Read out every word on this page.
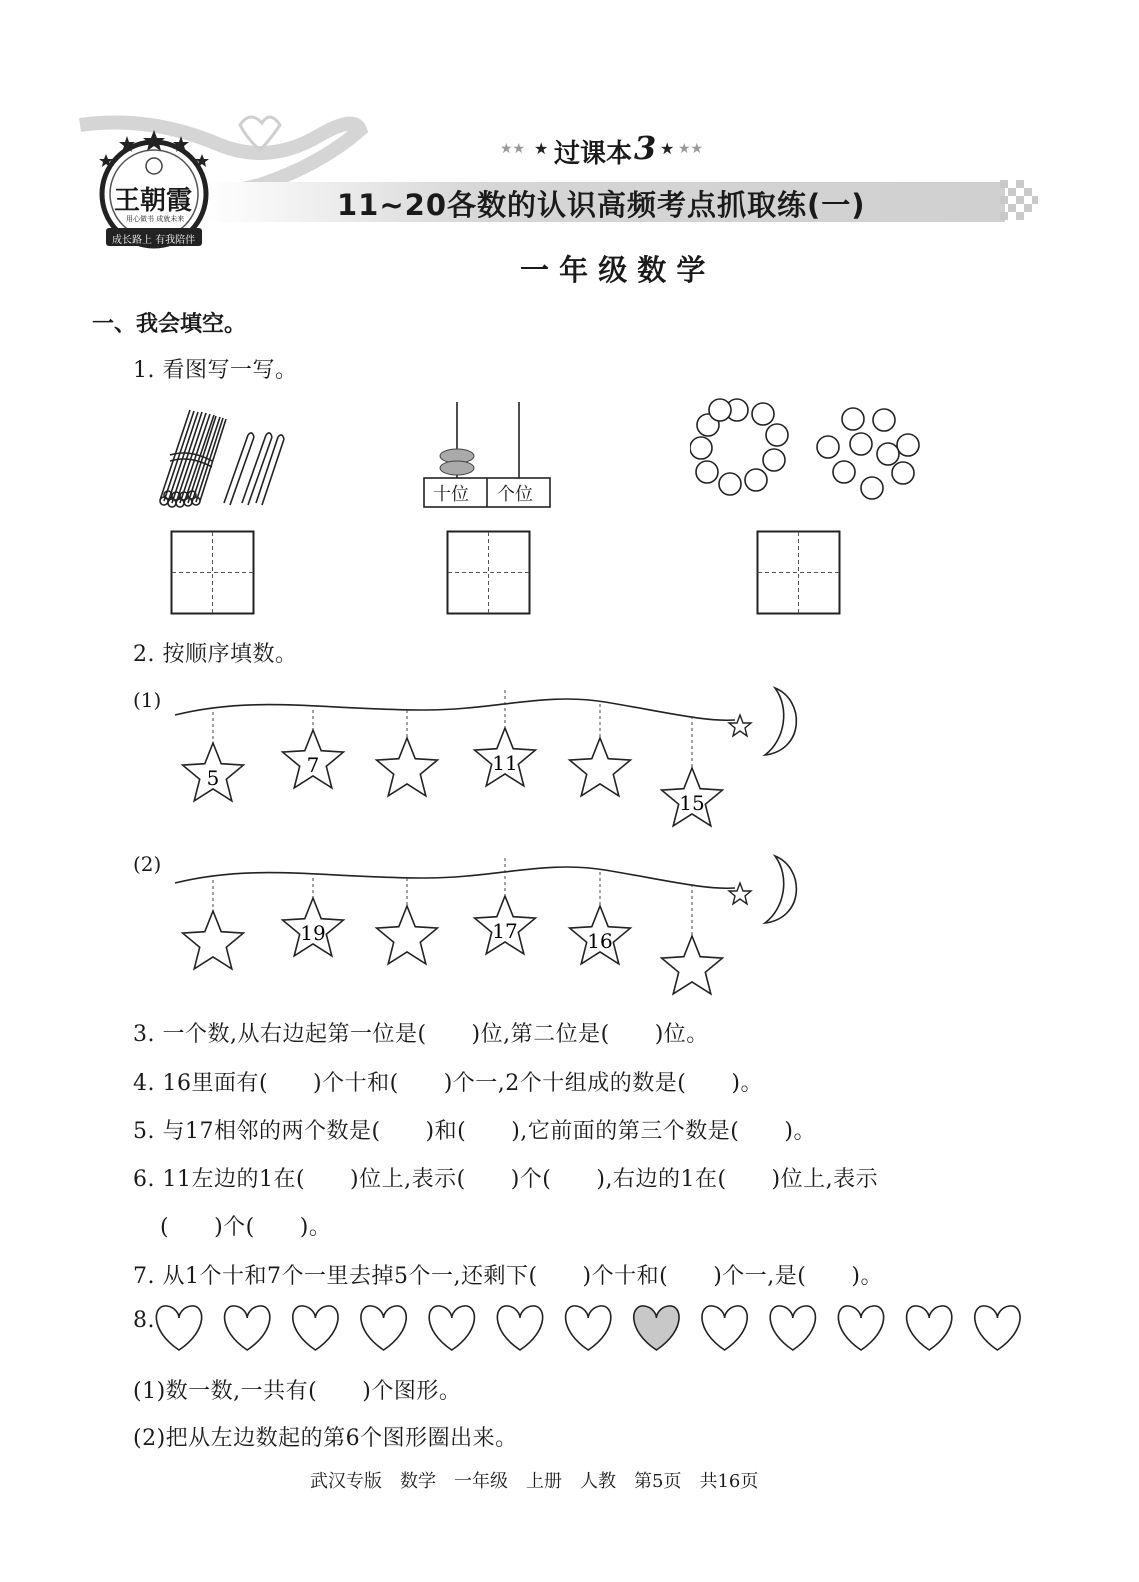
王朝霞
用心做书 成就未来
成长路上 有我陪伴
★★ ★ 过课本 3 ★ ★★
11~20各数的认识高频考点抓取练(一)
一 年 级 数 学
一、我会填空。
1. 看图写一写。
十位 个位
2. 按顺序填数。
(1)
5
7	11
15
(2)
19	17	16
3. 一个数,从右边起第一位是(　　)位,第二位是(　　)位。
4. 16里面有(　　)个十和(　　)个一,2个十组成的数是(　　)。
5. 与17相邻的两个数是(　　)和(　　),它前面的第三个数是(　　)。
6. 11左边的1在(　　)位上,表示(　　)个(　　),右边的1在(　　)位上,表示
(　　)个(　　)。
7. 从1个十和7个一里去掉5个一,还剩下(　　)个十和(　　)个一,是(　　)。
8.
(1)数一数,一共有(　　)个图形。
(2)把从左边数起的第6个图形圈出来。
武汉专版　数学　一年级　上册　人教　第5页　共16页
